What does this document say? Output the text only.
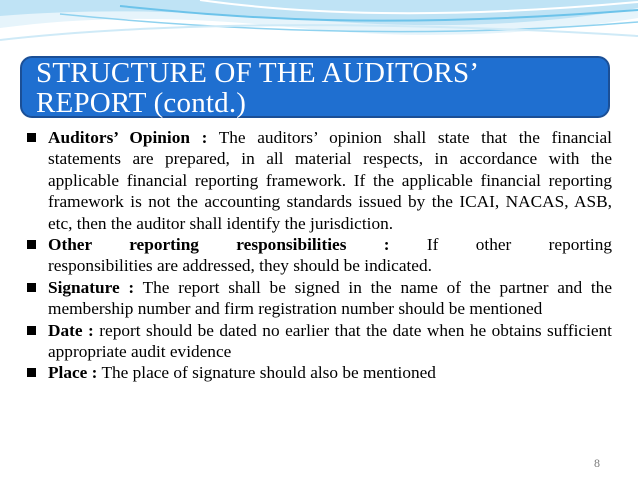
STRUCTURE OF THE AUDITORS’
REPORT (contd.)
Auditors’ Opinion : The auditors’ opinion shall state that the financial statements are prepared, in all material respects, in accordance with the applicable financial reporting framework. If the applicable financial reporting framework is not the accounting standards issued by the ICAI, NACAS, ASB, etc, then the auditor shall identify the jurisdiction.
Other reporting responsibilities : If other reporting
responsibilities are addressed, they should be indicated.
Signature : The report shall be signed in the name of the partner and the membership number and firm registration number should be mentioned
Date : report should be dated no earlier that the date when he obtains sufficient appropriate audit evidence
Place : The place of signature should also be mentioned
8
